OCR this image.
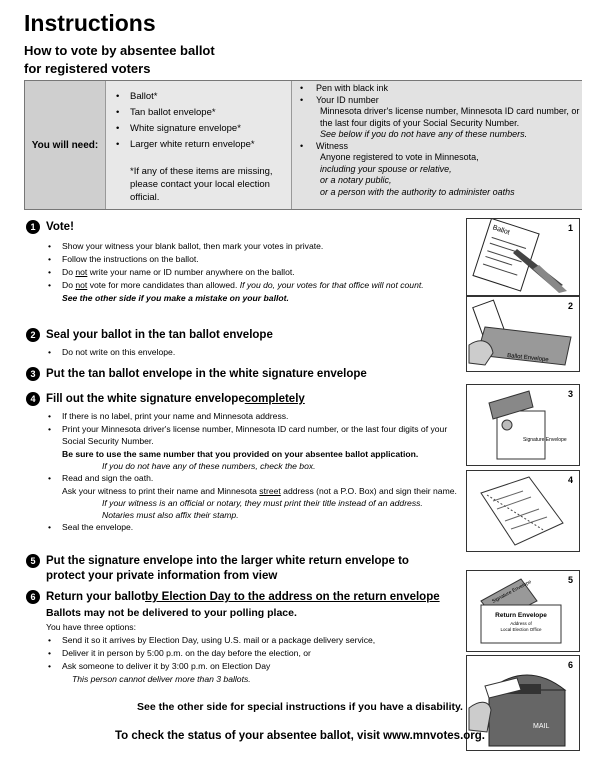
Instructions
How to vote by absentee ballot
for registered voters
You will need:
• Ballot*
• Tan ballot envelope*
• White signature envelope*
• Larger white return envelope*
*If any of these items are missing, please contact your local election official.
• Pen with black ink
• Your ID number
Minnesota driver's license number, Minnesota ID card number, or the last four digits of your Social Security Number.
See below if you do not have any of these numbers.
• Witness
Anyone registered to vote in Minnesota,
including your spouse or relative,
or a notary public,
or a person with the authority to administer oaths
1 Vote!
• Show your witness your blank ballot, then mark your votes in private.
• Follow the instructions on the ballot.
• Do not write your name or ID number anywhere on the ballot.
• Do not vote for more candidates than allowed. If you do, your votes for that office will not count.
See the other side if you make a mistake on your ballot.
2 Seal your ballot in the tan ballot envelope
• Do not write on this envelope.
3 Put the tan ballot envelope in the white signature envelope
4 Fill out the white signature envelope completely
• If there is no label, print your name and Minnesota address.
• Print your Minnesota driver's license number, Minnesota ID card number, or the last four digits of your Social Security Number.
Be sure to use the same number that you provided on your absentee ballot application.
If you do not have any of these numbers, check the box.
• Read and sign the oath.
Ask your witness to print their name and Minnesota street address (not a P.O. Box) and sign their name.
If your witness is an official or notary, they must print their title instead of an address.
Notaries must also affix their stamp.
• Seal the envelope.
5 Put the signature envelope into the larger white return envelope to
protect your private information from view
6 Return your ballot by Election Day to the address on the return envelope
Ballots may not be delivered to your polling place.
You have three options:
• Send it so it arrives by Election Day, using U.S. mail or a package delivery service,
• Deliver it in person by 5:00 p.m. on the day before the election, or
• Ask someone to deliver it by 3:00 p.m. on Election Day
This person cannot deliver more than 3 ballots.
1
Ballot
2
Ballot Envelope
3
Signature Envelope
4
5
Signature Envelope
Return Envelope
Address of
Local Election Office
6
MAIL
See the other side for special instructions if you have a disability.
To check the status of your absentee ballot, visit www.mnvotes.org.
